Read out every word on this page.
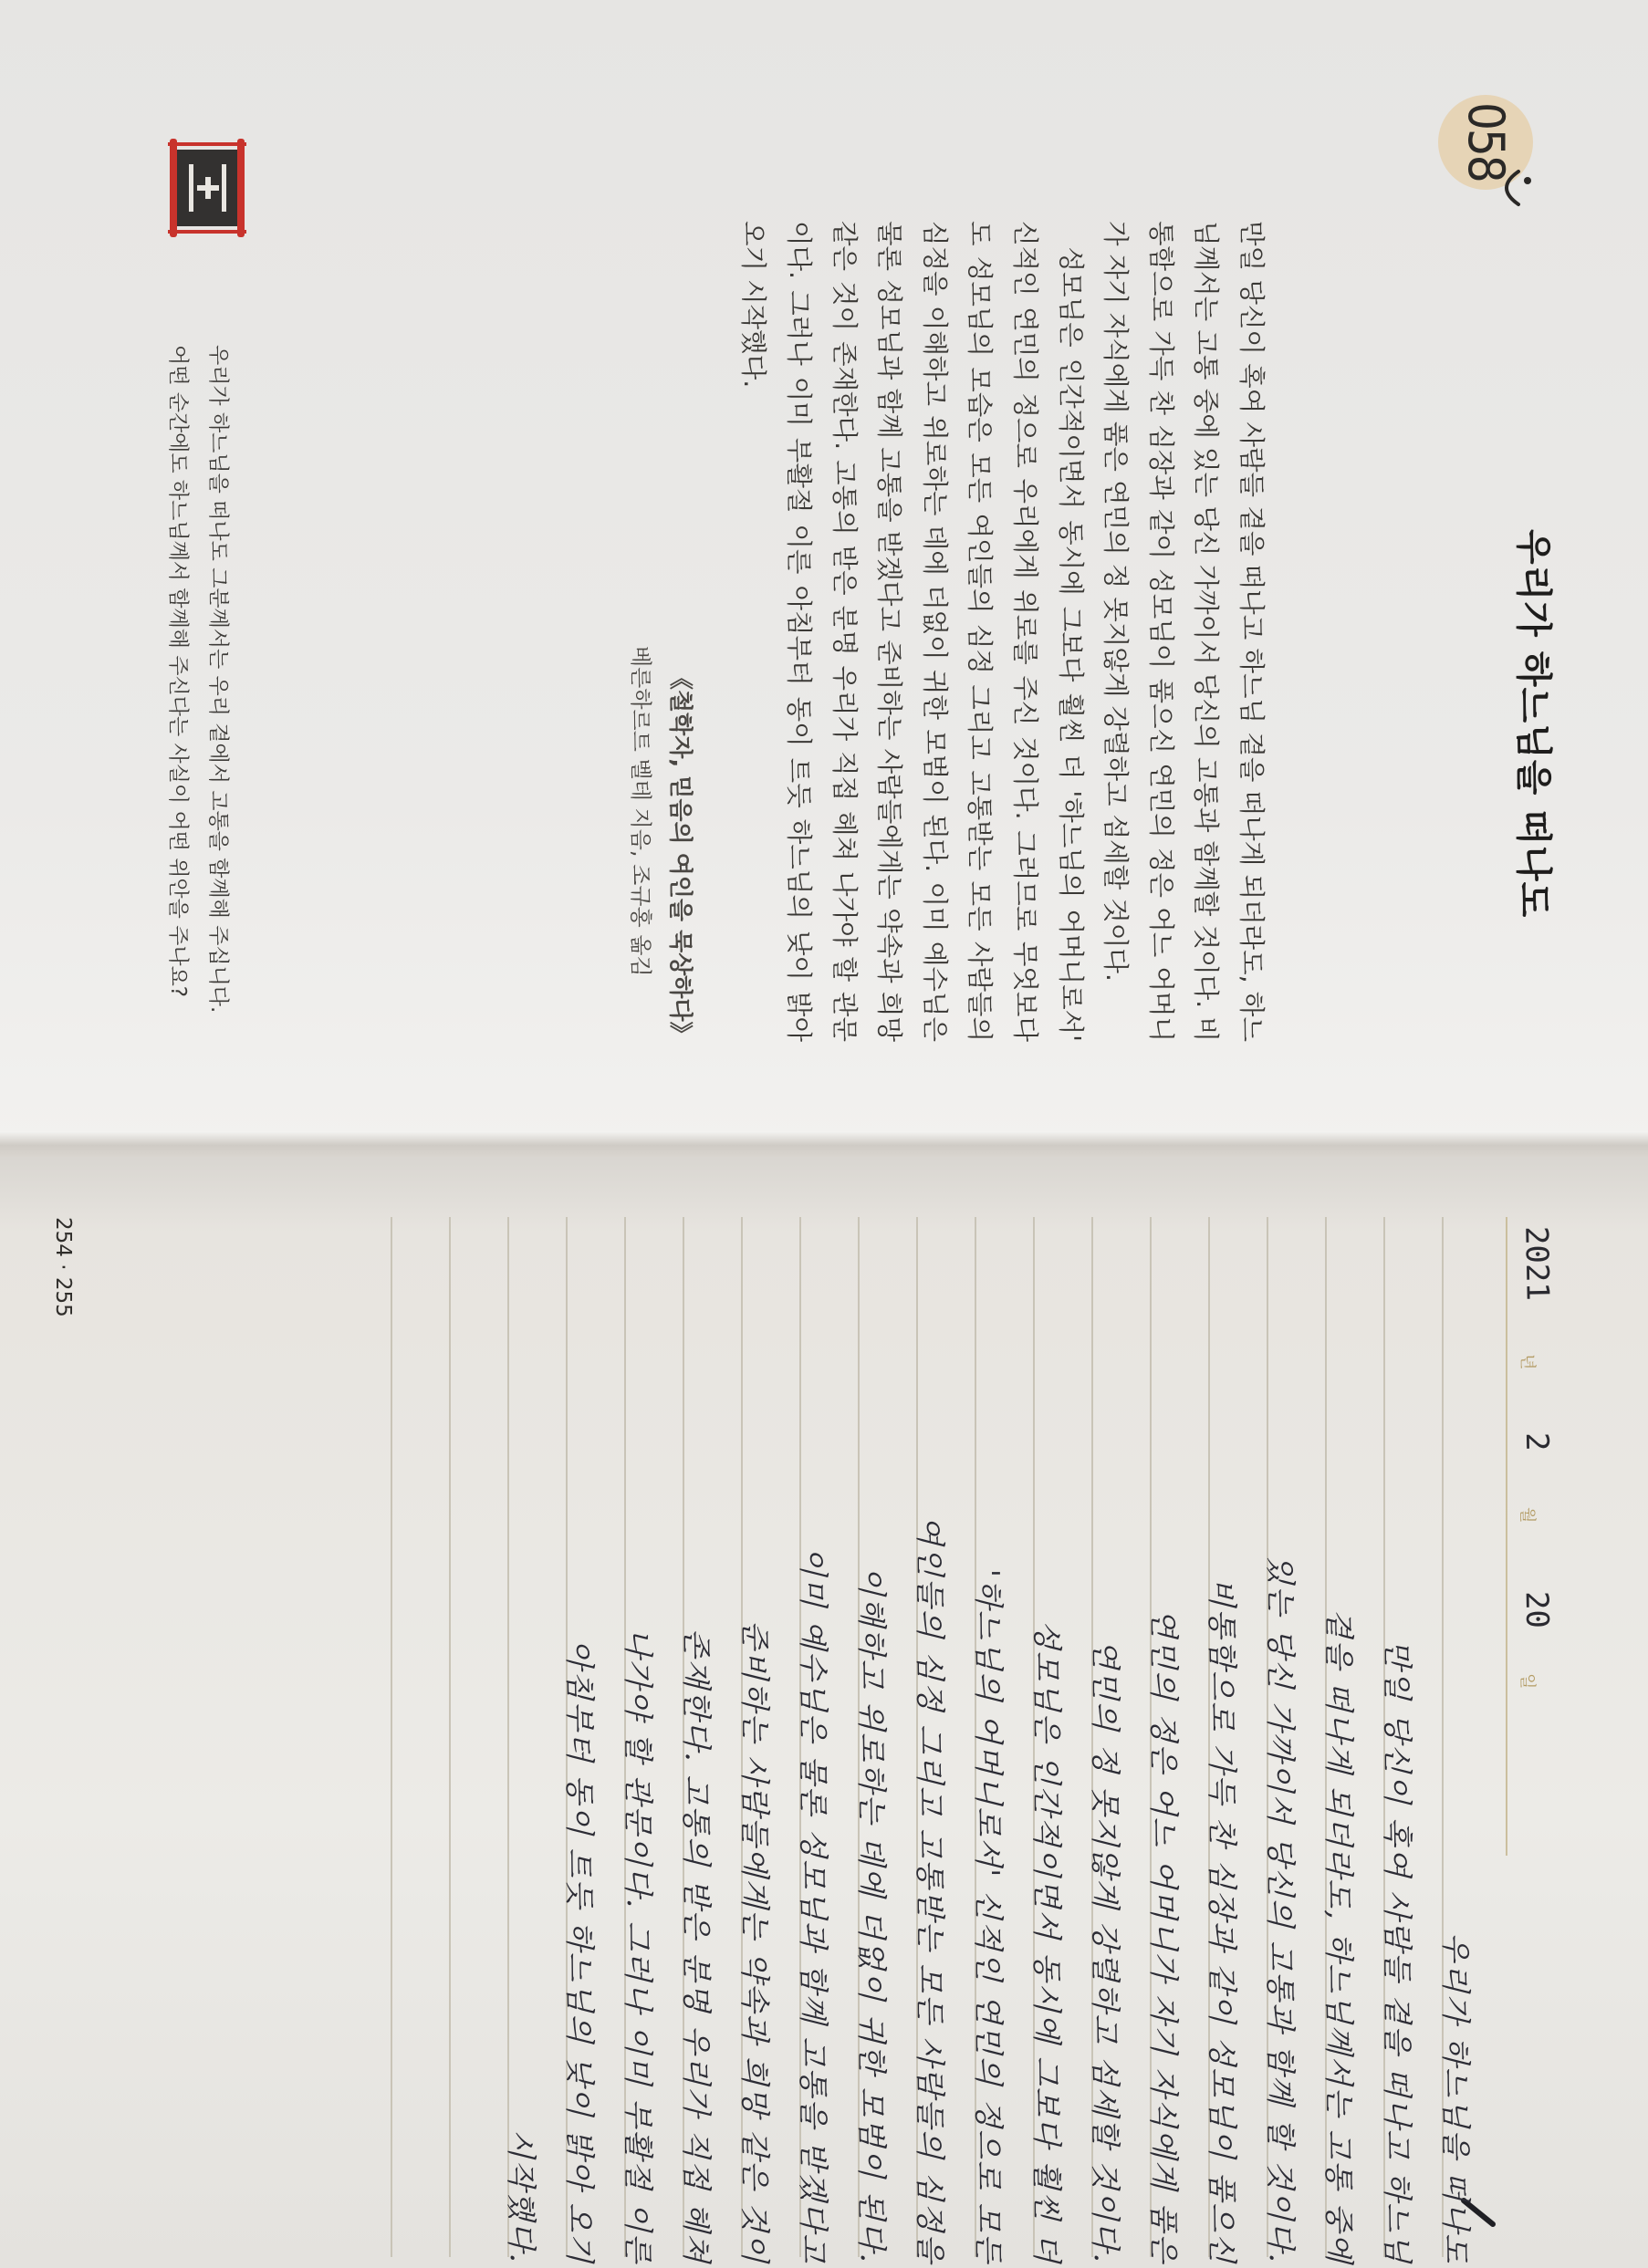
058
우리가 하느님을 떠나도

만일 당신이 혹여 사람들 곁을 떠나고 하느님 곁을 떠나게 되더라도, 하느님께서는 고통 중에 있는 당신 가까이서 당신의 고통과 함께할 것이다. 비통함으로 가득 찬 심장과 같이 성모님이 품으신 연민의 정은 어느 어머니가 자기 자식에게 품은 연민의 정 못지않게 강렬하고 섬세할 것이다.

성모님은 인간적이면서 동시에 그보다 훨씬 더 '하느님의 어머니로서' 신적인 연민의 정으로 우리에게 위로를 주신 것이다. 그러므로 무엇보다도 성모님의 모습은 모든 여인들의 심정 그리고 고통받는 모든 사람들의 심정을 이해하고 위로하는 데에 더없이 귀한 모범이 된다. 이미 예수님은 물론 성모님과 함께 고통을 받겠다고 준비하는 사람들에게는 약속과 희망 같은 것이 존재한다. 고통의 받은 분명 우리가 직접 헤쳐 나가야 할 관문이다. 그러나 이미 부활절 이른 아침부터 동이 트듯 하느님의 낮이 밝아 오기 시작했다.

《철학자, 믿음의 여인을 묵상하다》
베른하르트 벨테 지음, 조규홍 옮김
우리가 하느님을 떠나도 그분께서는 우리 곁에서 고통을 함께해 주십니다.
어떤 순간에도 하느님께서 함께해 주신다는 사실이 어떤 위안을 주나요?
2021
년
2
월
20
일
우리가 하느님을 떠나도
만일 당신이 혹여 사람들 곁을 떠나고 하느님
곁을 떠나게 되더라도, 하느님께서는 고통 중에
있는 당신 가까이서 당신의 고통과 함께 할 것이다.
비통함으로 가득 찬 심장과 같이 성모님이 품으신
연민의 정은 어느 어머니가 자기 자식에게 품은
연민의 정 못지않게 강렬하고 섬세할 것이다.
성모님은 인간적이면서 동시에 그보다 훨씬 더
'하느님의 어머니로서' 신적인 연민의 정으로 모든
여인들의 심정 그리고 고통받는 모든 사람들의 심정을
이해하고 위로하는 데에 더없이 귀한 모범이 된다.
이미 예수님은 물론 성모님과 함께 고통을 받겠다고
준비하는 사람들에게는 약속과 희망 같은 것이
존재한다. 고통의 받은 분명 우리가 직접 헤쳐
나가야 할 관문이다. 그러나 이미 부활절 이른
아침부터 동이 트듯 하느님의 낮이 밝아 오기
시작했다.
254 · 255
